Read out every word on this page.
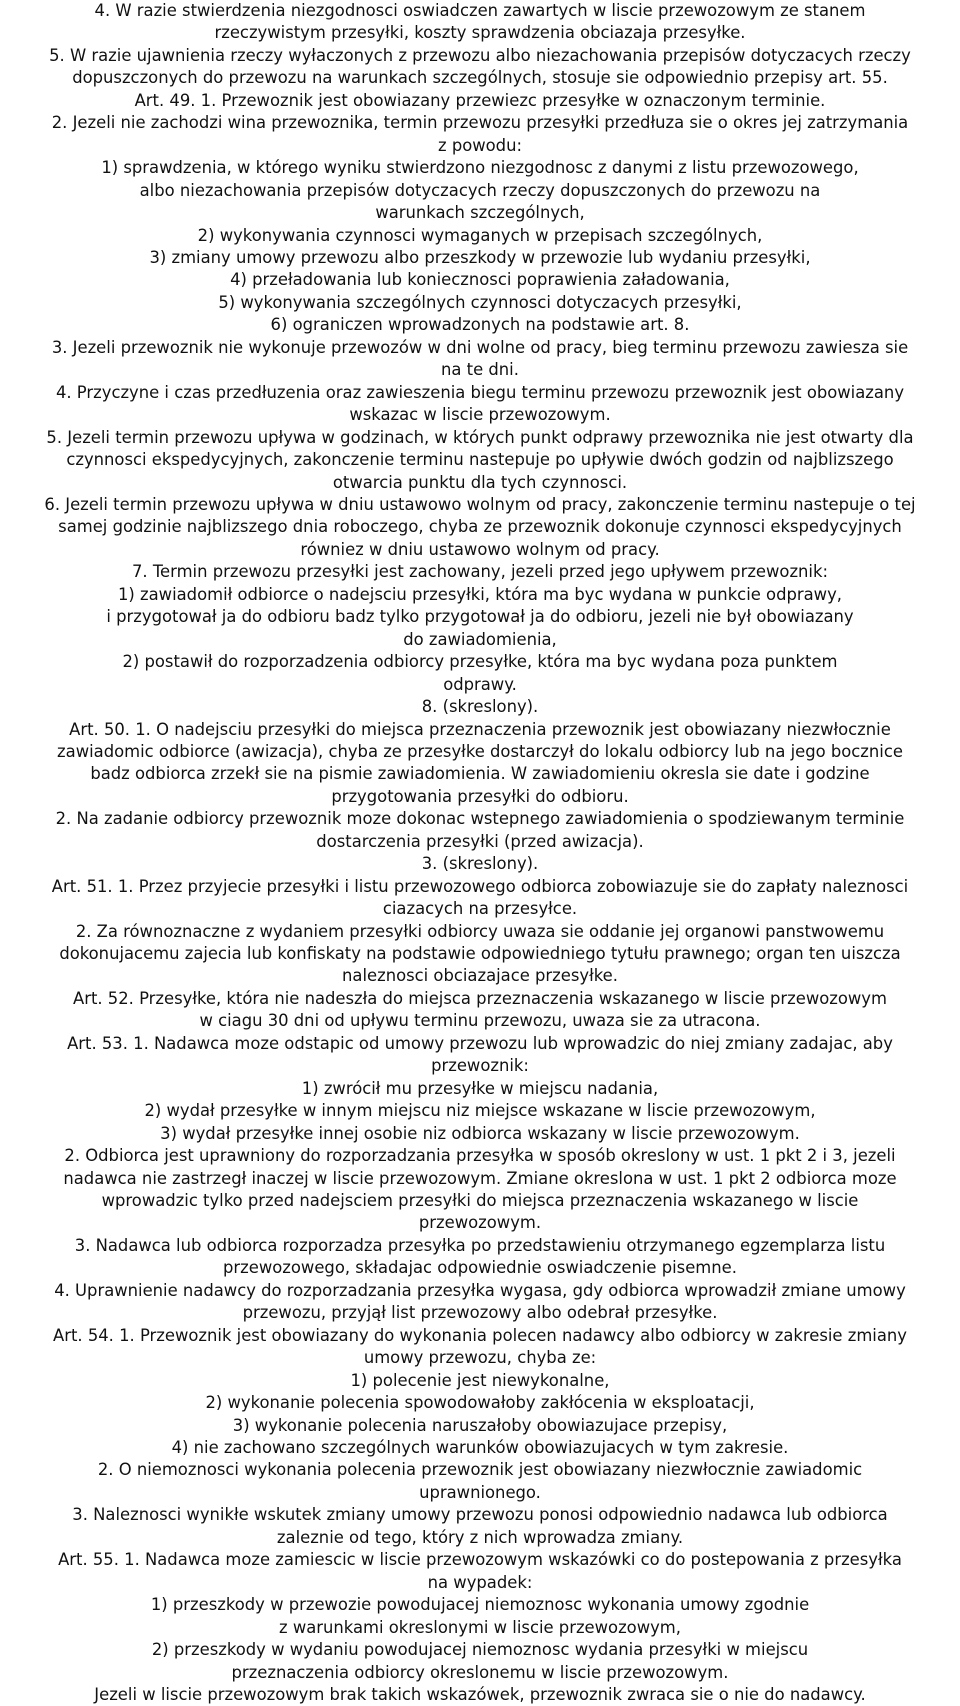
4. W razie stwierdzenia niezgodnosci oswiadczen zawartych w liscie przewozowym ze stanem
rzeczywistym przesyłki, koszty sprawdzenia obciazaja przesyłke.
5. W razie ujawnienia rzeczy wyłaczonych z przewozu albo niezachowania przepisów dotyczacych rzeczy
dopuszczonych do przewozu na warunkach szczególnych, stosuje sie odpowiednio przepisy art. 55.
Art. 49. 1. Przewoznik jest obowiazany przewiezc przesyłke w oznaczonym terminie.
2. Jezeli nie zachodzi wina przewoznika, termin przewozu przesyłki przedłuza sie o okres jej zatrzymania
z powodu:
1) sprawdzenia, w którego wyniku stwierdzono niezgodnosc z danymi z listu przewozowego,
albo niezachowania przepisów dotyczacych rzeczy dopuszczonych do przewozu na
warunkach szczególnych,
2) wykonywania czynnosci wymaganych w przepisach szczególnych,
3) zmiany umowy przewozu albo przeszkody w przewozie lub wydaniu przesyłki,
4) przeładowania lub koniecznosci poprawienia załadowania,
5) wykonywania szczególnych czynnosci dotyczacych przesyłki,
6) ograniczen wprowadzonych na podstawie art. 8.
3. Jezeli przewoznik nie wykonuje przewozów w dni wolne od pracy, bieg terminu przewozu zawiesza sie
na te dni.
4. Przyczyne i czas przedłuzenia oraz zawieszenia biegu terminu przewozu przewoznik jest obowiazany
wskazac w liscie przewozowym.
5. Jezeli termin przewozu upływa w godzinach, w których punkt odprawy przewoznika nie jest otwarty dla
czynnosci ekspedycyjnych, zakonczenie terminu nastepuje po upływie dwóch godzin od najblizszego
otwarcia punktu dla tych czynnosci.
6. Jezeli termin przewozu upływa w dniu ustawowo wolnym od pracy, zakonczenie terminu nastepuje o tej
samej godzinie najblizszego dnia roboczego, chyba ze przewoznik dokonuje czynnosci ekspedycyjnych
równiez w dniu ustawowo wolnym od pracy.
7. Termin przewozu przesyłki jest zachowany, jezeli przed jego upływem przewoznik:
1) zawiadomił odbiorce o nadejsciu przesyłki, która ma byc wydana w punkcie odprawy,
i przygotował ja do odbioru badz tylko przygotował ja do odbioru, jezeli nie był obowiazany
do zawiadomienia,
2) postawił do rozporzadzenia odbiorcy przesyłke, która ma byc wydana poza punktem
odprawy.
8. (skreslony).
Art. 50. 1. O nadejsciu przesyłki do miejsca przeznaczenia przewoznik jest obowiazany niezwłocznie
zawiadomic odbiorce (awizacja), chyba ze przesyłke dostarczył do lokalu odbiorcy lub na jego bocznice
badz odbiorca zrzekł sie na pismie zawiadomienia. W zawiadomieniu okresla sie date i godzine
przygotowania przesyłki do odbioru.
2. Na zadanie odbiorcy przewoznik moze dokonac wstepnego zawiadomienia o spodziewanym terminie
dostarczenia przesyłki (przed awizacja).
3. (skreslony).
Art. 51. 1. Przez przyjecie przesyłki i listu przewozowego odbiorca zobowiazuje sie do zapłaty naleznosci
ciazacych na przesyłce.
2. Za równoznaczne z wydaniem przesyłki odbiorcy uwaza sie oddanie jej organowi panstwowemu
dokonujacemu zajecia lub konfiskaty na podstawie odpowiedniego tytułu prawnego; organ ten uiszcza
naleznosci obciazajace przesyłke.
Art. 52. Przesyłke, która nie nadeszła do miejsca przeznaczenia wskazanego w liscie przewozowym
w ciagu 30 dni od upływu terminu przewozu, uwaza sie za utracona.
Art. 53. 1. Nadawca moze odstapic od umowy przewozu lub wprowadzic do niej zmiany zadajac, aby
przewoznik:
1) zwrócił mu przesyłke w miejscu nadania,
2) wydał przesyłke w innym miejscu niz miejsce wskazane w liscie przewozowym,
3) wydał przesyłke innej osobie niz odbiorca wskazany w liscie przewozowym.
2. Odbiorca jest uprawniony do rozporzadzania przesyłka w sposób okreslony w ust. 1 pkt 2 i 3, jezeli
nadawca nie zastrzegł inaczej w liscie przewozowym. Zmiane okreslona w ust. 1 pkt 2 odbiorca moze
wprowadzic tylko przed nadejsciem przesyłki do miejsca przeznaczenia wskazanego w liscie
przewozowym.
3. Nadawca lub odbiorca rozporzadza przesyłka po przedstawieniu otrzymanego egzemplarza listu
przewozowego, składajac odpowiednie oswiadczenie pisemne.
4. Uprawnienie nadawcy do rozporzadzania przesyłka wygasa, gdy odbiorca wprowadził zmiane umowy
przewozu, przyjął list przewozowy albo odebrał przesyłke.
Art. 54. 1. Przewoznik jest obowiazany do wykonania polecen nadawcy albo odbiorcy w zakresie zmiany
umowy przewozu, chyba ze:
1) polecenie jest niewykonalne,
2) wykonanie polecenia spowodowałoby zakłócenia w eksploatacji,
3) wykonanie polecenia naruszałoby obowiazujace przepisy,
4) nie zachowano szczególnych warunków obowiazujacych w tym zakresie.
2. O niemoznosci wykonania polecenia przewoznik jest obowiazany niezwłocznie zawiadomic
uprawnionego.
3. Naleznosci wynikłe wskutek zmiany umowy przewozu ponosi odpowiednio nadawca lub odbiorca
zaleznie od tego, który z nich wprowadza zmiany.
Art. 55. 1. Nadawca moze zamiescic w liscie przewozowym wskazówki co do postepowania z przesyłka
na wypadek:
1) przeszkody w przewozie powodujacej niemoznosc wykonania umowy zgodnie
z warunkami okreslonymi w liscie przewozowym,
2) przeszkody w wydaniu powodujacej niemoznosc wydania przesyłki w miejscu
przeznaczenia odbiorcy okreslonemu w liscie przewozowym.
Jezeli w liscie przewozowym brak takich wskazówek, przewoznik zwraca sie o nie do nadawcy.
